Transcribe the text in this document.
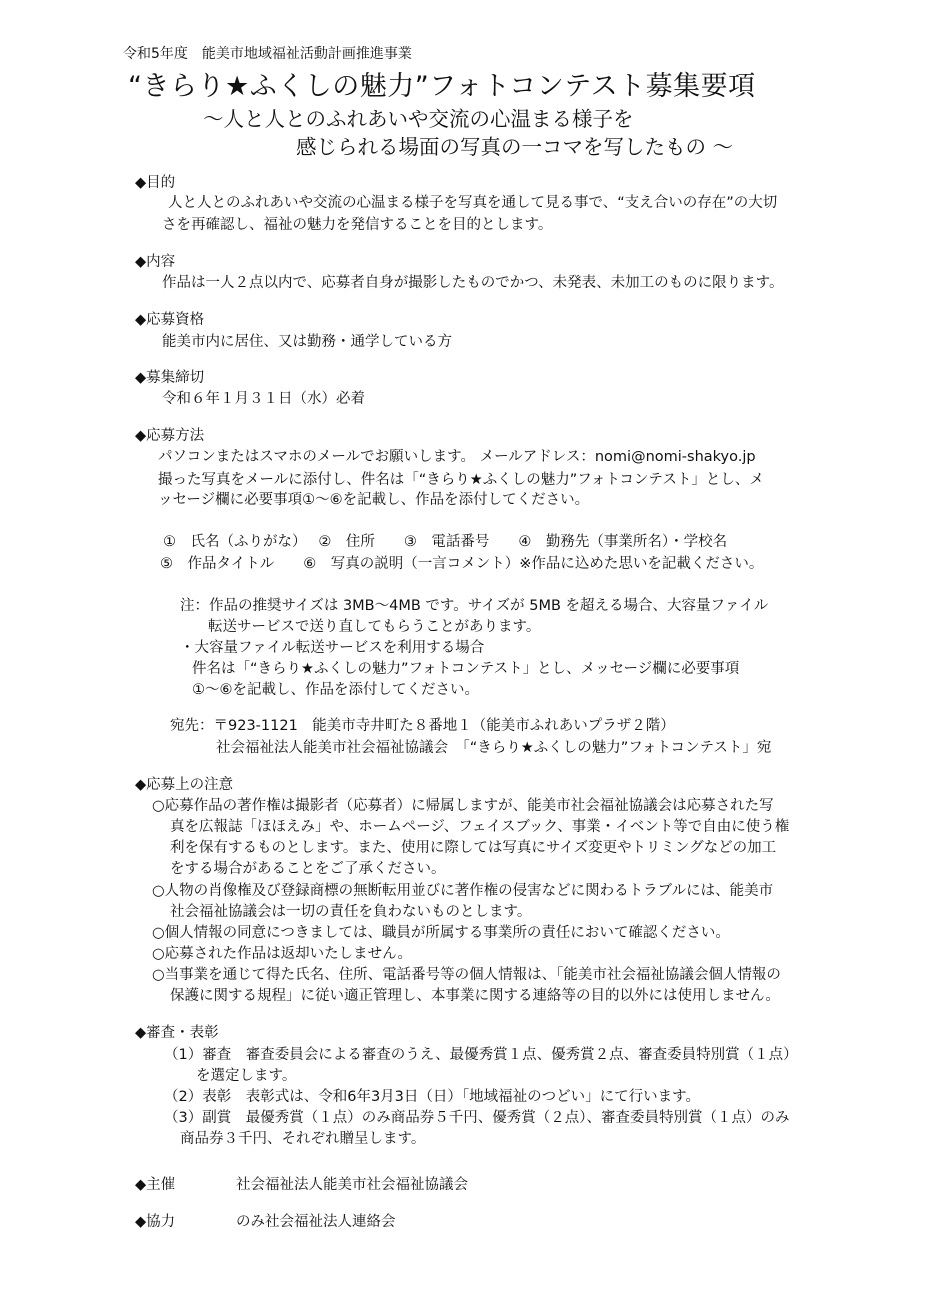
令和5年度　能美市地域福祉活動計画推進事業
“きらり★ふくしの魅力”フォトコンテスト募集要項
～人と人とのふれあいや交流の心温まる様子を
感じられる場面の写真の一コマを写したもの ～
◆目的
人と人とのふれあいや交流の心温まる様子を写真を通して見る事で、“支え合いの存在”の大切
さを再確認し、福祉の魅力を発信することを目的とします。
◆内容
作品は一人２点以内で、応募者自身が撮影したものでかつ、未発表、未加工のものに限ります。
◆応募資格
能美市内に居住、又は勤務・通学している方
◆募集締切
令和６年１月３１日（水）必着
◆応募方法
パソコンまたはスマホのメールでお願いします。 メールアドレス：nomi@nomi-shakyo.jp
撮った写真をメールに添付し、件名は「“きらり★ふくしの魅力”フォトコンテスト」とし、メ
ッセージ欄に必要事項①～⑥を記載し、作品を添付してください。
①　氏名（ふりがな）　 ②　住所　　③　電話番号　　④　勤務先（事業所名）・学校名
⑤　作品タイトル　　⑥　写真の説明（一言コメント）※作品に込めた思いを記載ください。
注：作品の推奨サイズは 3MB～4MB です。サイズが 5MB を超える場合、大容量ファイル
転送サービスで送り直してもらうことがあります。
・大容量ファイル転送サービスを利用する場合
件名は「“きらり★ふくしの魅力”フォトコンテスト」とし、メッセージ欄に必要事項
①～⑥を記載し、作品を添付してください。
宛先：〒923-1121　能美市寺井町た８番地１（能美市ふれあいプラザ２階）
社会福祉法人能美市社会福祉協議会　「“きらり★ふくしの魅力”フォトコンテスト」宛
◆応募上の注意
○応募作品の著作権は撮影者（応募者）に帰属しますが、能美市社会福祉協議会は応募された写
真を広報誌「ほほえみ」や、ホームページ、フェイスブック、事業・イベント等で自由に使う権
利を保有するものとします。また、使用に際しては写真にサイズ変更やトリミングなどの加工
をする場合があることをご了承ください。
○人物の肖像権及び登録商標の無断転用並びに著作権の侵害などに関わるトラブルには、能美市
社会福祉協議会は一切の責任を負わないものとします。
○個人情報の同意につきましては、職員が所属する事業所の責任において確認ください。
○応募された作品は返却いたしません。
○当事業を通じて得た氏名、住所、電話番号等の個人情報は、「能美市社会福祉協議会個人情報の
保護に関する規程」に従い適正管理し、本事業に関する連絡等の目的以外には使用しません。
◆審査・表彰
（1）審査　審査委員会による審査のうえ、最優秀賞１点、優秀賞２点、審査委員特別賞（１点）
を選定します。
（2）表彰　表彰式は、令和6年3月3日（日）「地域福祉のつどい」にて行います。
（3）副賞　最優秀賞（１点）のみ商品券５千円、優秀賞（２点）、審査委員特別賞（１点）のみ
商品券３千円、それぞれ贈呈します。
◆主催	社会福祉法人能美市社会福祉協議会
◆協力	のみ社会福祉法人連絡会
